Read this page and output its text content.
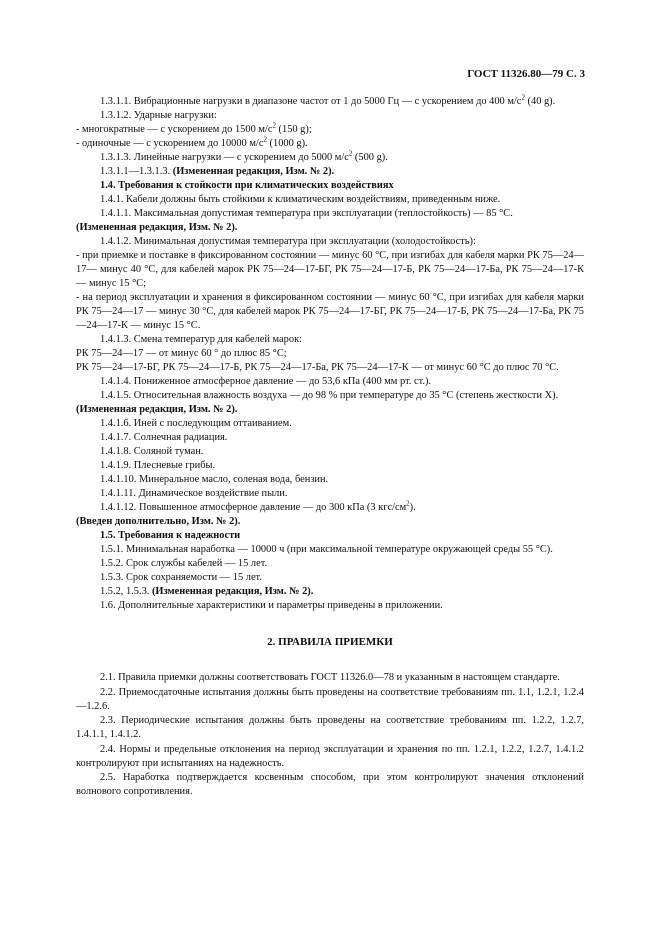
ГОСТ 11326.80—79 С. 3

1.3.1.1. Вибрационные нагрузки в диапазоне частот от 1 до 5000 Гц — с ускорением до 400 $м/с^2$ (40 g).

1.3.1.2. Ударные нагрузки:

- многократные — с ускорением до 1500 $м/с^2$ (150 g);

- одиночные — с ускорением до 10000 $м/с^2$ (1000 g).

1.3.1.3. Линейные нагрузки — с ускорением до 5000 $м/с^2$ (500 g).

1.3.1.1—1.3.1.3. (Измененная редакция, Изм. № 2).

1.4. Требования к стойкости при климатических воздействиях

1.4.1. Кабели должны быть стойкими к климатическим воздействиям, приведенным ниже.

1.4.1.1. Максимальная допустимая температура при эксплуатации (теплостойкость) — 85 °С.

(Измененная редакция, Изм. № 2).

1.4.1.2. Минимальная допустимая температура при эксплуатации (холодостойкость):

- при приемке и поставке в фиксированном состоянии — минус 60 °С, при изгибах для кабеля марки РК 75—24—17— минус 40 °С, для кабелей марок РК 75—24—17-БГ, РК 75—24—17-Б, РК 75—24—17-Ба, РК 75—24—17-К — минус 15 °С;

- на период эксплуатации и хранения в фиксированном состоянии — минус 60 °С, при изгибах для кабеля марки РК 75—24—17 — минус 30 °С, для кабелей марок РК 75—24—17-БГ, РК 75—24—17-Б, РК 75—24—17-Ба, РК 75—24—17-К — минус 15 °С.

1.4.1.3. Смена температур для кабелей марок:

РК 75—24—17 — от минус 60 ° до плюс 85 °С;

РК 75—24—17-БГ, РК 75—24—17-Б, РК 75—24—17-Ба, РК 75—24—17-К — от минус 60 °С до плюс 70 °С.

1.4.1.4. Пониженное атмосферное давление — до 53,6 кПа (400 мм рт. ст.).

1.4.1.5. Относительная влажность воздуха — до 98 % при температуре до 35 °С (степень жесткости X).

(Измененная редакция, Изм. № 2).

1.4.1.6. Иней с последующим оттаиванием.

1.4.1.7. Солнечная радиация.

1.4.1.8. Соляной туман.

1.4.1.9. Плесневые грибы.

1.4.1.10. Минеральное масло, соленая вода, бензин.

1.4.1.11. Динамическое воздействие пыли.

1.4.1.12. Повышенное атмосферное давление — до 300 кПа (3 кгс/$см^2$).

(Введен дополнительно, Изм. № 2).

1.5. Требования к надежности

1.5.1. Минимальная наработка — 10000 ч (при максимальной температуре окружающей среды 55 °С).

1.5.2. Срок службы кабелей — 15 лет.

1.5.3. Срок сохраняемости — 15 лет.

1.5.2, 1.5.3. (Измененная редакция, Изм. № 2).

1.6. Дополнительные характеристики и параметры приведены в приложении.

2. ПРАВИЛА ПРИЕМКИ

2.1. Правила приемки должны соответствовать ГОСТ 11326.0—78 и указанным в настоящем стандарте.

2.2. Приемосдаточные испытания должны быть проведены на соответствие требованиям пп. 1.1, 1.2.1, 1.2.4—1.2.6.

2.3. Периодические испытания должны быть проведены на соответствие требованиям пп. 1.2.2, 1.2.7, 1.4.1.1, 1.4.1.2.

2.4. Нормы и предельные отклонения на период эксплуатации и хранения по пп. 1.2.1, 1.2.2, 1.2.7, 1.4.1.2 контролируют при испытаниях на надежность.

2.5. Наработка подтверждается косвенным способом, при этом контролируют значения отклонений волнового сопротивления.
